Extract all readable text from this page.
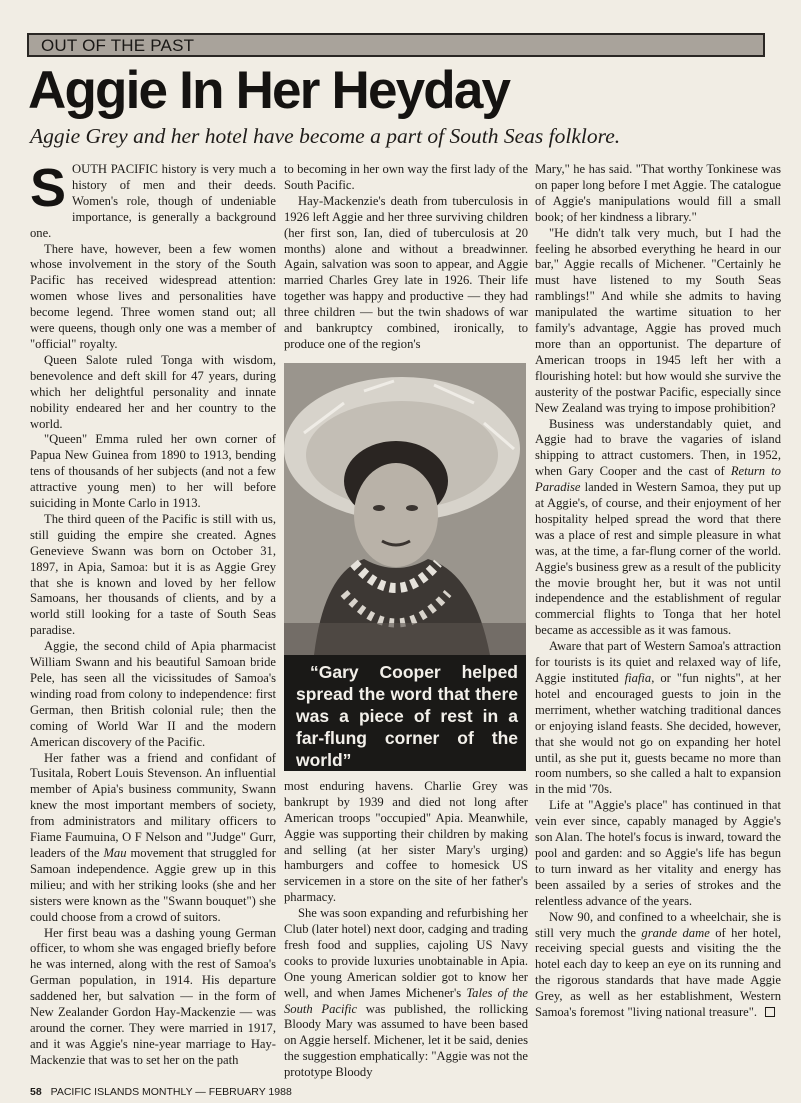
OUT OF THE PAST
Aggie In Her Heyday

Aggie Grey and her hotel have become a part of South Seas folklore.

SOUTH PACIFIC history is very much a history of men and their deeds. Women's role, though of undeniable importance, is generally a background one.

There have, however, been a few women whose involvement in the story of the South Pacific has received widespread attention: women whose lives and personalities have become legend. Three women stand out; all were queens, though only one was a member of "official" royalty.

Queen Salote ruled Tonga with wisdom, benevolence and deft skill for 47 years, during which her delightful personality and innate nobility endeared her and her country to the world.

"Queen" Emma ruled her own corner of Papua New Guinea from 1890 to 1913, bending tens of thousands of her subjects (and not a few attractive young men) to her will before suiciding in Monte Carlo in 1913.

The third queen of the Pacific is still with us, still guiding the empire she created. Agnes Genevieve Swann was born on October 31, 1897, in Apia, Samoa: but it is as Aggie Grey that she is known and loved by her fellow Samoans, her thousands of clients, and by a world still looking for a taste of South Seas paradise.

Aggie, the second child of Apia pharmacist William Swann and his beautiful Samoan bride Pele, has seen all the vicissitudes of Samoa's winding road from colony to independence: first German, then British colonial rule; then the coming of World War II and the modern American discovery of the Pacific.

Her father was a friend and confidant of Tusitala, Robert Louis Stevenson. An influential member of Apia's business community, Swann knew the most important members of society, from administrators and military officers to Fiame Faumuina, O F Nelson and "Judge" Gurr, leaders of the Mau movement that struggled for Samoan independence. Aggie grew up in this milieu; and with her striking looks (she and her sisters were known as the "Swann bouquet") she could choose from a crowd of suitors.

Her first beau was a dashing young German officer, to whom she was engaged briefly before he was interned, along with the rest of Samoa's German population, in 1914. His departure saddened her, but salvation — in the form of New Zealander Gordon Hay-Mackenzie — was around the corner. They were married in 1917, and it was Aggie's nine-year marriage to Hay-Mackenzie that was to set her on the path

to becoming in her own way the first lady of the South Pacific.

Hay-Mackenzie's death from tuberculosis in 1926 left Aggie and her three surviving children (her first son, Ian, died of tuberculosis at 20 months) alone and without a breadwinner. Again, salvation was soon to appear, and Aggie married Charles Grey late in 1926. Their life together was happy and productive — they had three children — but the twin shadows of war and bankruptcy combined, ironically, to produce one of the region's

“Gary Cooper helped spread the word that there was a piece of rest in a far-flung corner of the world”

most enduring havens. Charlie Grey was bankrupt by 1939 and died not long after American troops "occupied" Apia. Meanwhile, Aggie was supporting their children by making and selling (at her sister Mary's urging) hamburgers and coffee to homesick US servicemen in a store on the site of her father's pharmacy.

She was soon expanding and refurbishing her Club (later hotel) next door, cadging and trading fresh food and supplies, cajoling US Navy cooks to provide luxuries unobtainable in Apia. One young American soldier got to know her well, and when James Michener's Tales of the South Pacific was published, the rollicking Bloody Mary was assumed to have been based on Aggie herself. Michener, let it be said, denies the suggestion emphatically: "Aggie was not the prototype Bloody

Mary," he has said. "That worthy Tonkinese was on paper long before I met Aggie. The catalogue of Aggie's manipulations would fill a small book; of her kindness a library."

"He didn't talk very much, but I had the feeling he absorbed everything he heard in our bar," Aggie recalls of Michener. "Certainly he must have listened to my South Seas ramblings!" And while she admits to having manipulated the wartime situation to her family's advantage, Aggie has proved much more than an opportunist. The departure of American troops in 1945 left her with a flourishing hotel: but how would she survive the austerity of the postwar Pacific, especially since New Zealand was trying to impose prohibition?

Business was understandably quiet, and Aggie had to brave the vagaries of island shipping to attract customers. Then, in 1952, when Gary Cooper and the cast of Return to Paradise landed in Western Samoa, they put up at Aggie's, of course, and their enjoyment of her hospitality helped spread the word that there was a place of rest and simple pleasure in what was, at the time, a far-flung corner of the world. Aggie's business grew as a result of the publicity the movie brought her, but it was not until independence and the establishment of regular commercial flights to Tonga that her hotel became as accessible as it was famous.

Aware that part of Western Samoa's attraction for tourists is its quiet and relaxed way of life, Aggie instituted fiafia, or "fun nights", at her hotel and encouraged guests to join in the merriment, whether watching traditional dances or enjoying island feasts. She decided, however, that she would not go on expanding her hotel until, as she put it, guests became no more than room numbers, so she called a halt to expansion in the mid '70s.

Life at "Aggie's place" has continued in that vein ever since, capably managed by Aggie's son Alan. The hotel's focus is inward, toward the pool and garden: and so Aggie's life has begun to turn inward as her vitality and energy has been assailed by a series of strokes and the relentless advance of the years.

Now 90, and confined to a wheelchair, she is still very much the grande dame of her hotel, receiving special guests and visiting the the hotel each day to keep an eye on its running and the rigorous standards that have made Aggie Grey, as well as her establishment, Western Samoa's foremost "living national treasure".

58 PACIFIC ISLANDS MONTHLY — FEBRUARY 1988
